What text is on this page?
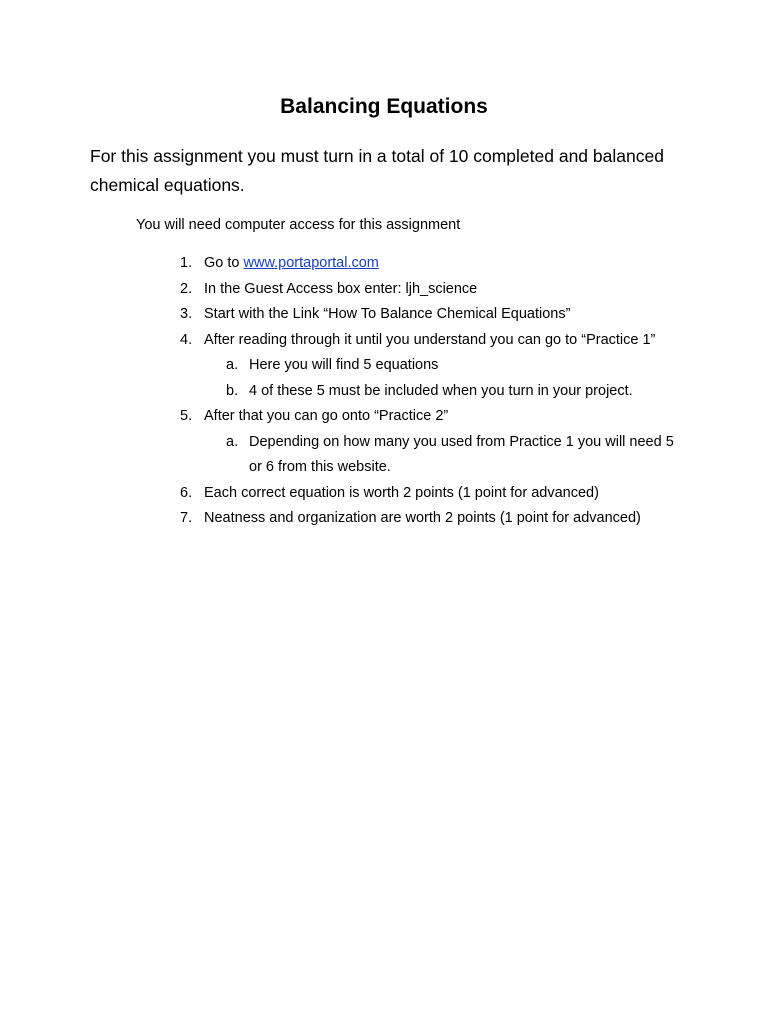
Balancing Equations
For this assignment you must turn in a total of 10 completed and balanced chemical equations.
You will need computer access for this assignment
1. Go to www.portaportal.com
2. In the Guest Access box enter: ljh_science
3. Start with the Link “How To Balance Chemical Equations”
4. After reading through it until you understand you can go to “Practice 1”
a. Here you will find 5 equations
b. 4 of these 5 must be included when you turn in your project.
5. After that you can go onto “Practice 2”
a. Depending on how many you used from Practice 1 you will need 5 or 6 from this website.
6. Each correct equation is worth 2 points (1 point for advanced)
7. Neatness and organization are worth 2 points (1 point for advanced)
